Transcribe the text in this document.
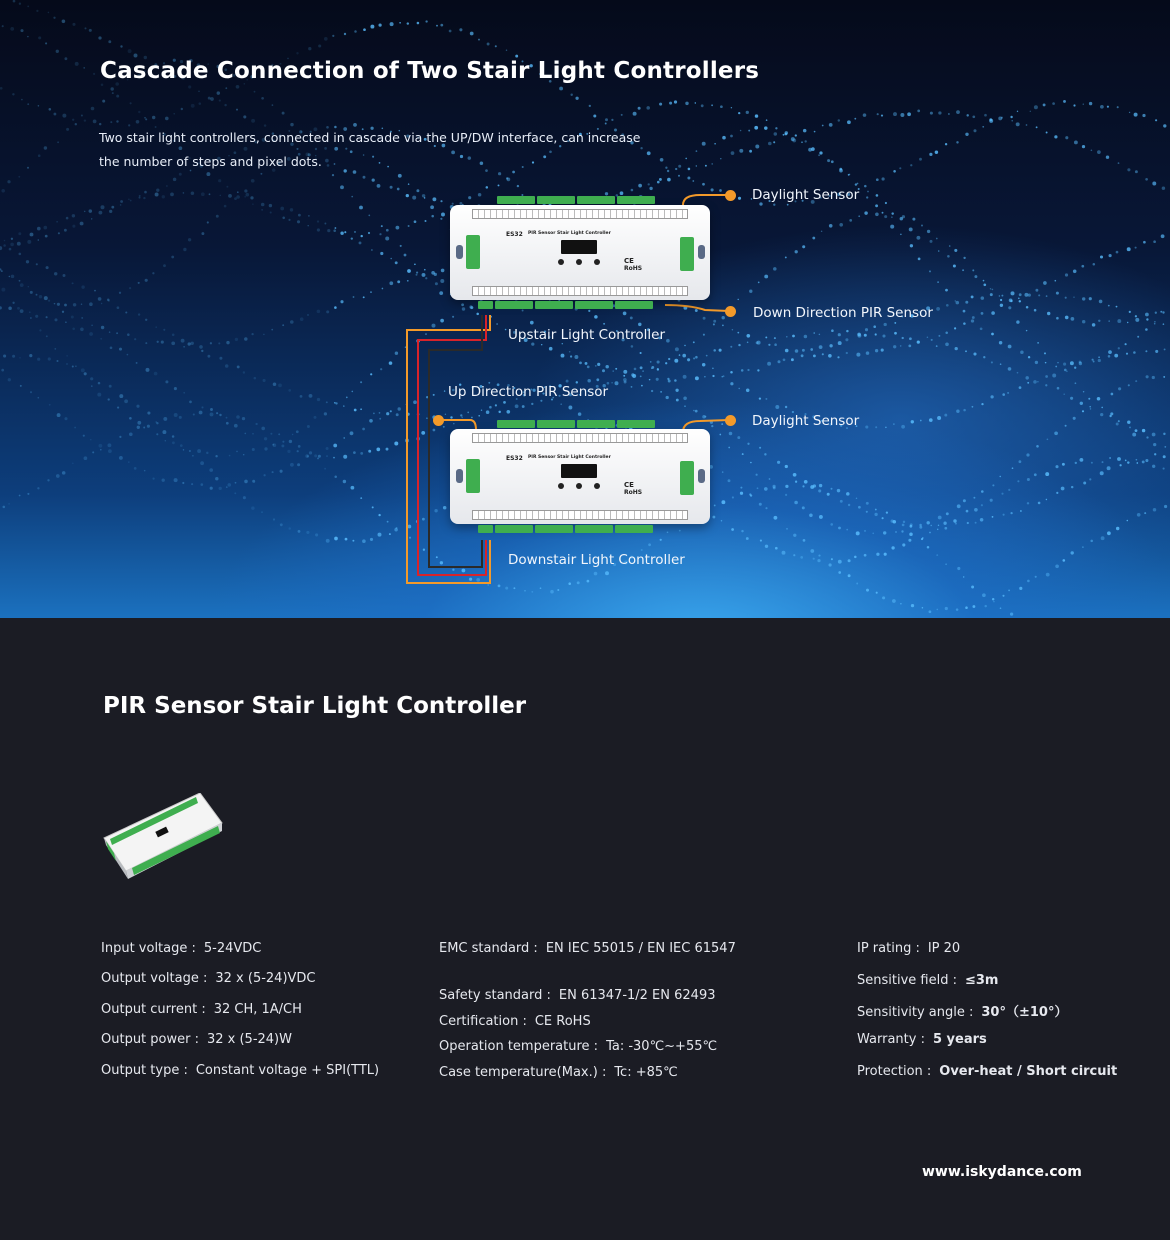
Cascade Connection of Two Stair Light Controllers

Two stair light controllers, connected in cascade via the UP/DW interface, can increase the number of steps and pixel dots.

Daylight Sensor
Down Direction PIR Sensor
Upstair Light Controller
Up Direction PIR Sensor
Daylight Sensor
Downstair Light Controller
ES32 PIR Sensor Stair Light Controller
CE
RoHS
ES32 PIR Sensor Stair Light Controller
CE
RoHS
PIR Sensor Stair Light Controller
Input voltage : 5-24VDC
Output voltage : 32 x (5-24)VDC
Output current : 32 CH, 1A/CH
Output power : 32 x (5-24)W
Output type : Constant voltage + SPI(TTL)
EMC standard : EN IEC 55015 / EN IEC 61547
Safety standard : EN 61347-1/2 EN 62493
Certification : CE RoHS
Operation temperature : Ta: -30℃~+55℃
Case temperature(Max.) : Tc: +85℃
IP rating : IP 20
Sensitive field : ≤3m
Sensitivity angle : 30°（±10°）
Warranty : 5 years
Protection : Over-heat / Short circuit
www.iskydance.com
